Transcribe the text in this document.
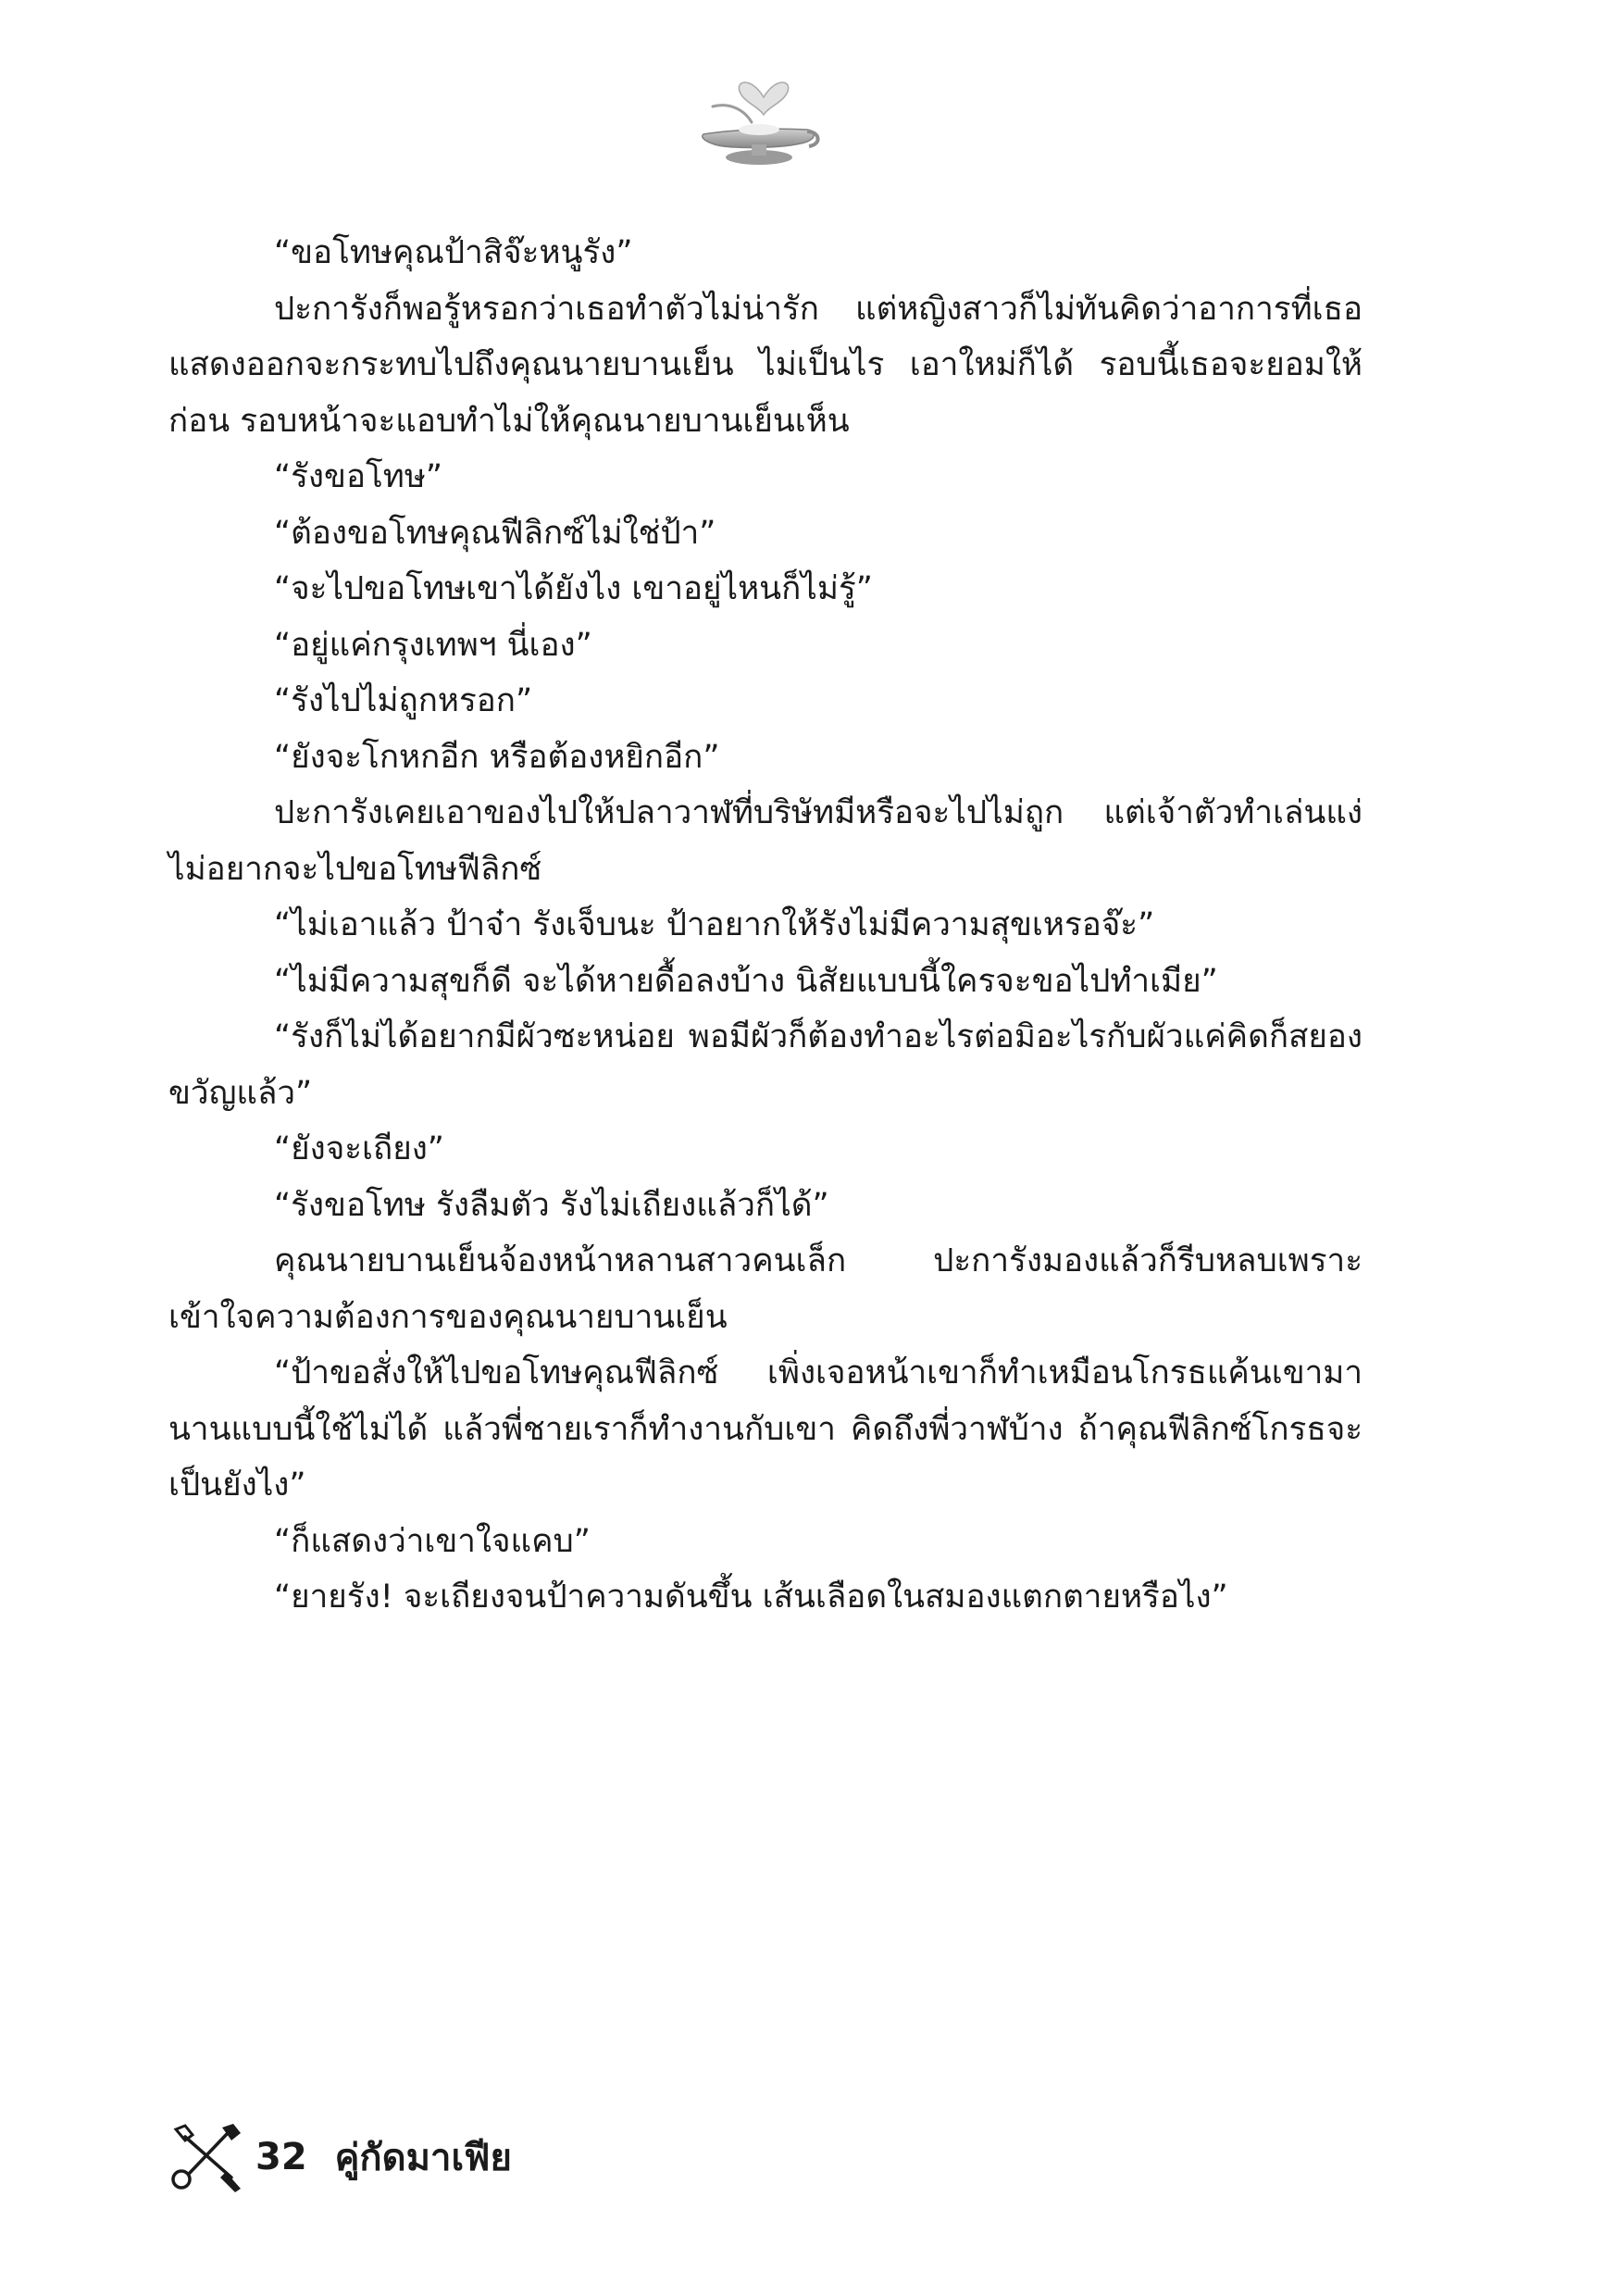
“ขอโทษคุณป้าสิจ๊ะหนูรัง”

ปะการังก็พอรู้หรอกว่าเธอทำตัวไม่น่ารัก แต่หญิงสาวก็ไม่ทันคิดว่าอาการที่เธอแสดงออกจะกระทบไปถึงคุณนายบานเย็น ไม่เป็นไร เอาใหม่ก็ได้ รอบนี้เธอจะยอมให้ก่อน รอบหน้าจะแอบทำไม่ให้คุณนายบานเย็นเห็น

“รังขอโทษ”

“ต้องขอโทษคุณฟีลิกซ์ไม่ใช่ป้า”

“จะไปขอโทษเขาได้ยังไง เขาอยู่ไหนก็ไม่รู้”

“อยู่แค่กรุงเทพฯ นี่เอง”

“รังไปไม่ถูกหรอก”

“ยังจะโกหกอีก หรือต้องหยิกอีก”

ปะการังเคยเอาของไปให้ปลาวาฬที่บริษัทมีหรือจะไปไม่ถูก แต่เจ้าตัวทำเล่นแง่ ไม่อยากจะไปขอโทษฟีลิกซ์

“ไม่เอาแล้ว ป้าจ๋า รังเจ็บนะ ป้าอยากให้รังไม่มีความสุขเหรอจ๊ะ”

“ไม่มีความสุขก็ดี จะได้หายดื้อลงบ้าง นิสัยแบบนี้ใครจะขอไปทำเมีย”

“รังก็ไม่ได้อยากมีผัวซะหน่อย พอมีผัวก็ต้องทำอะไรต่อมิอะไรกับผัวแค่คิดก็สยองขวัญแล้ว”

“ยังจะเถียง”

“รังขอโทษ รังลืมตัว รังไม่เถียงแล้วก็ได้”

คุณนายบานเย็นจ้องหน้าหลานสาวคนเล็ก ปะการังมองแล้วก็รีบหลบเพราะเข้าใจความต้องการของคุณนายบานเย็น

“ป้าขอสั่งให้ไปขอโทษคุณฟีลิกซ์ เพิ่งเจอหน้าเขาก็ทำเหมือนโกรธแค้นเขามานานแบบนี้ใช้ไม่ได้ แล้วพี่ชายเราก็ทำงานกับเขา คิดถึงพี่วาฬบ้าง ถ้าคุณฟีลิกซ์โกรธจะเป็นยังไง”

“ก็แสดงว่าเขาใจแคบ”

“ยายรัง! จะเถียงจนป้าความดันขึ้น เส้นเลือดในสมองแตกตายหรือไง”

32 คู่กัดมาเฟีย
